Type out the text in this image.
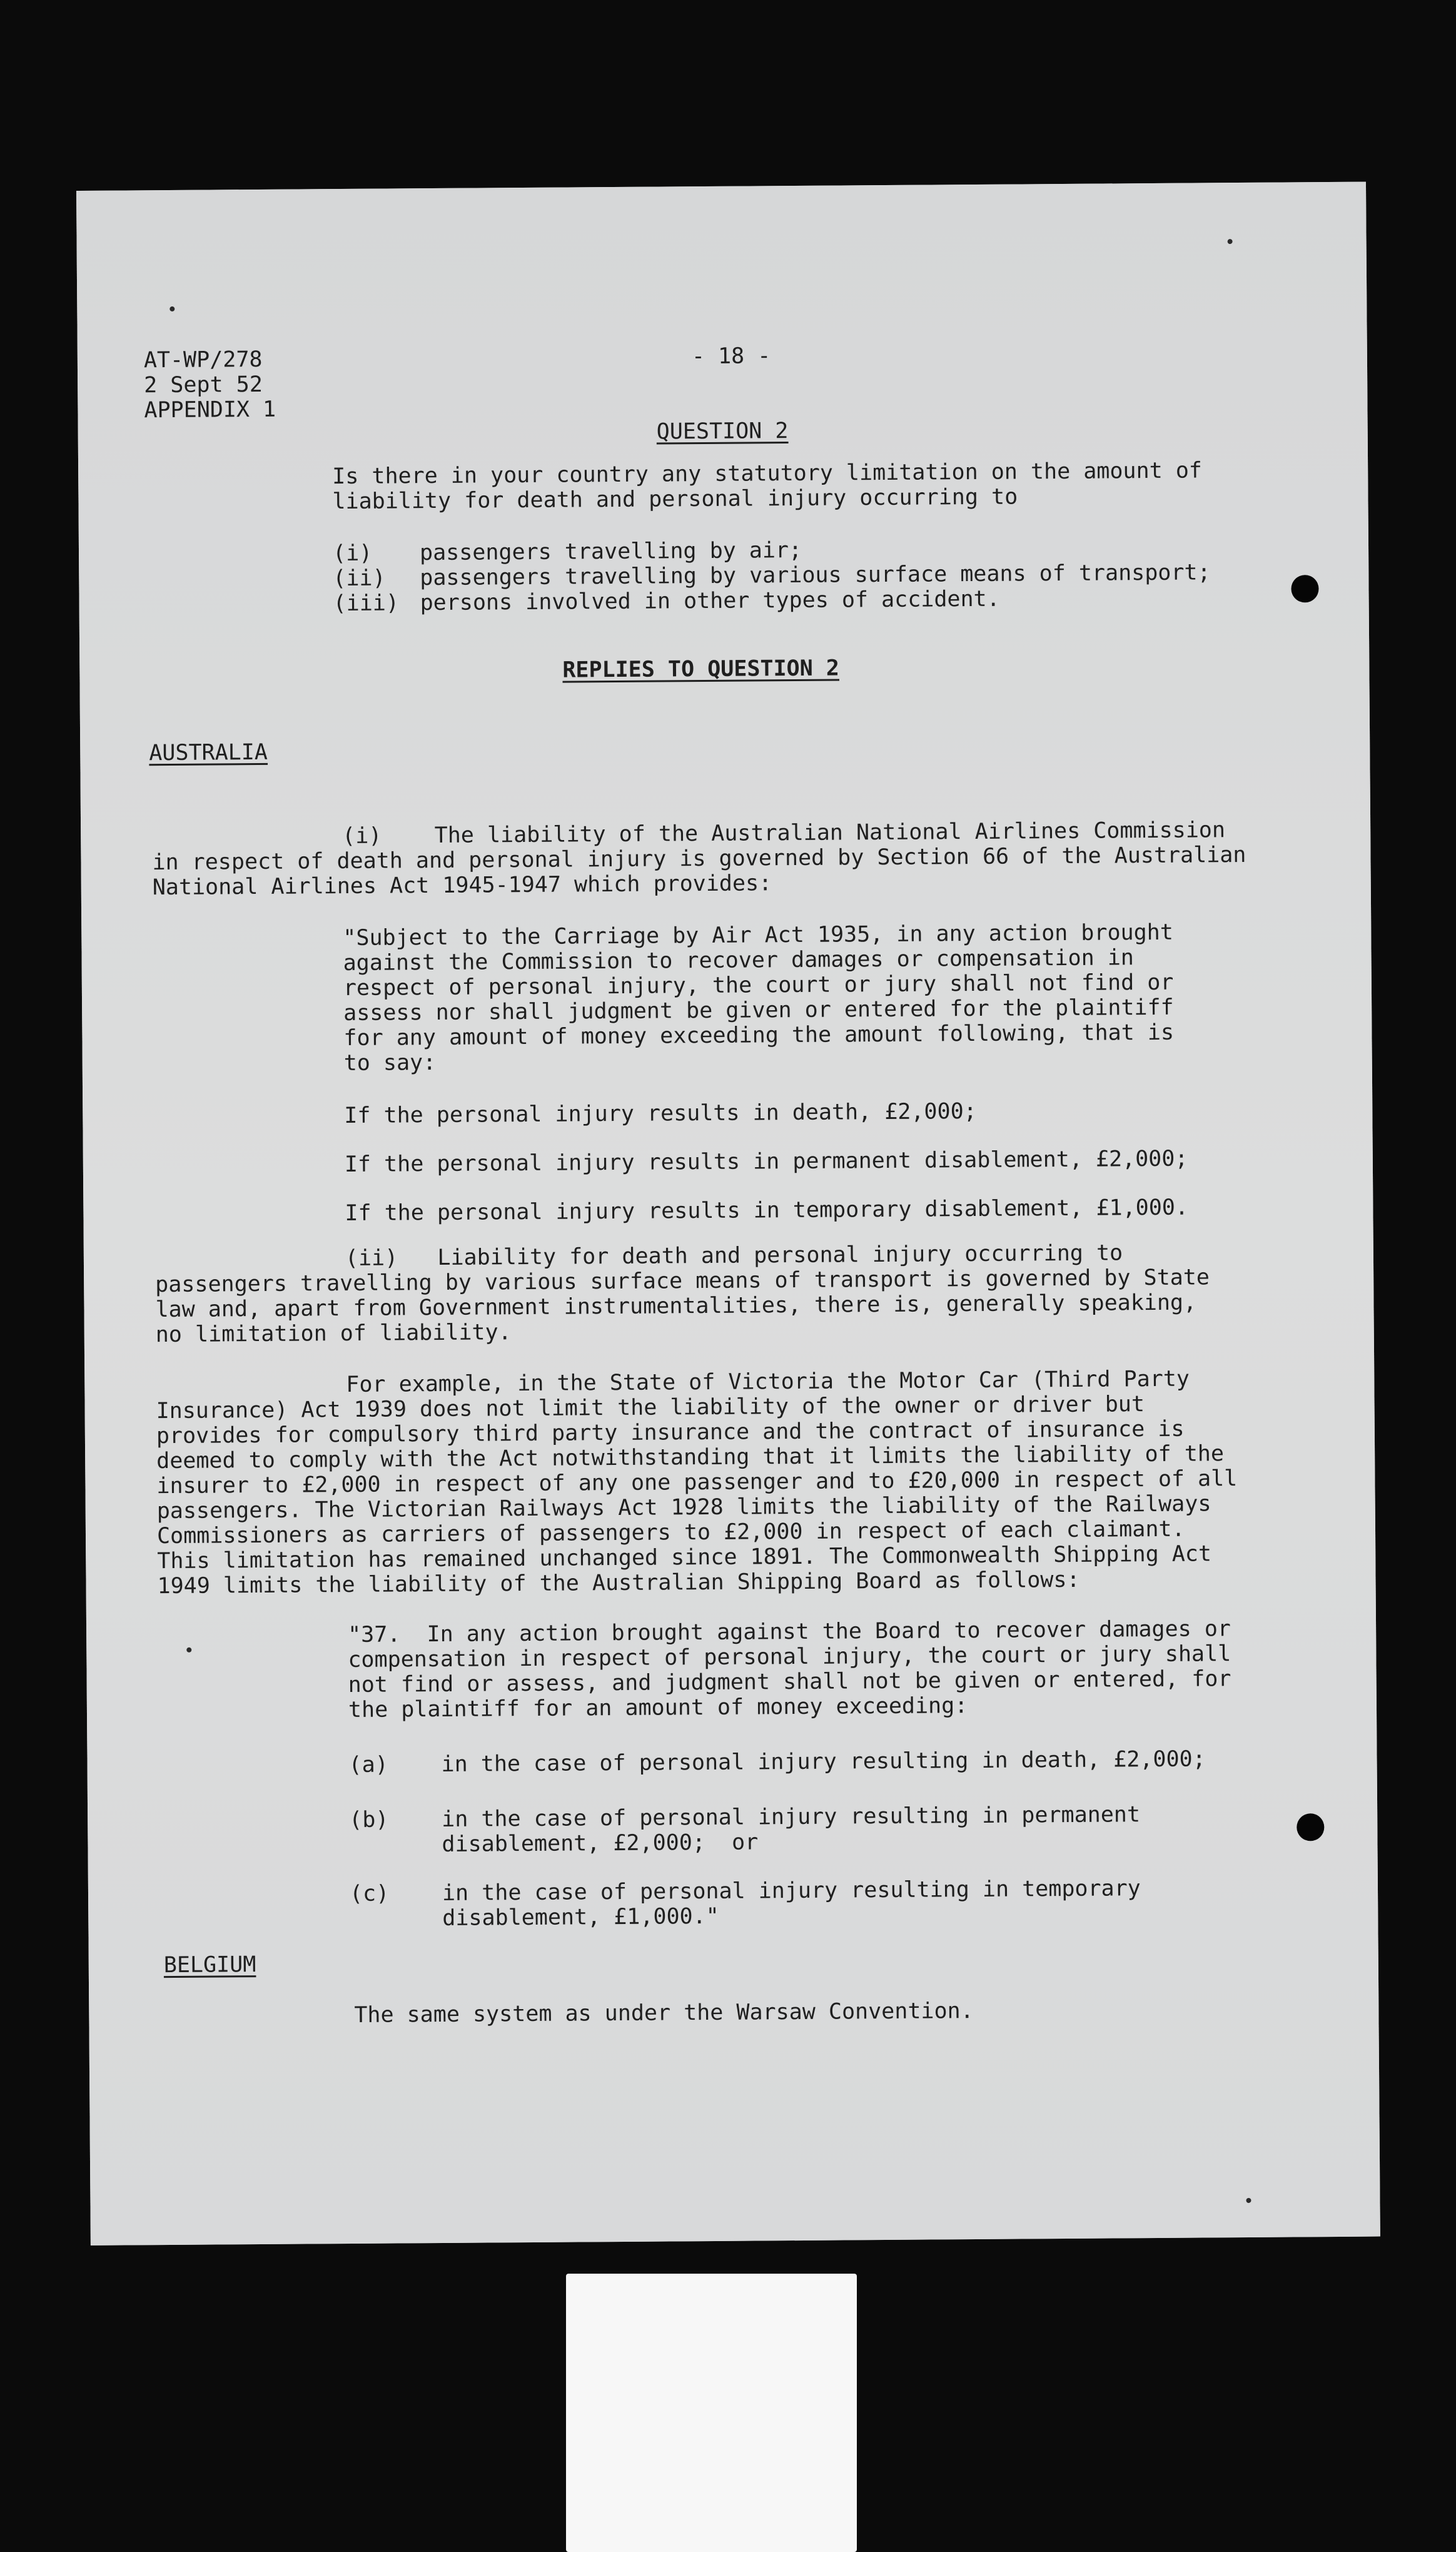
AT-WP/278

2 Sept 52

APPENDIX 1

- 18 -

QUESTION 2

Is there in your country any statutory limitation on the amount of

liability for death and personal injury occurring to

(i) passengers travelling by air;

(ii) passengers travelling by various surface means of transport;

(iii) persons involved in other types of accident.

REPLIES TO QUESTION 2

AUSTRALIA

(i)    The liability of the Australian National Airlines Commission

in respect of death and personal injury is governed by Section 66 of the Australian

National Airlines Act 1945-1947 which provides:

"Subject to the Carriage by Air Act 1935, in any action brought

against the Commission to recover damages or compensation in

respect of personal injury, the court or jury shall not find or

assess nor shall judgment be given or entered for the plaintiff

for any amount of money exceeding the amount following, that is

to say:

If the personal injury results in death, £2,000;

If the personal injury results in permanent disablement, £2,000;

If the personal injury results in temporary disablement, £1,000.

(ii)   Liability for death and personal injury occurring to

passengers travelling by various surface means of transport is governed by State

law and, apart from Government instrumentalities, there is, generally speaking,

no limitation of liability.

For example, in the State of Victoria the Motor Car (Third Party

Insurance) Act 1939 does not limit the liability of the owner or driver but

provides for compulsory third party insurance and the contract of insurance is

deemed to comply with the Act notwithstanding that it limits the liability of the

insurer to £2,000 in respect of any one passenger and to £20,000 in respect of all

passengers. The Victorian Railways Act 1928 limits the liability of the Railways

Commissioners as carriers of passengers to £2,000 in respect of each claimant.

This limitation has remained unchanged since 1891. The Commonwealth Shipping Act

1949 limits the liability of the Australian Shipping Board as follows:

"37.  In any action brought against the Board to recover damages or

compensation in respect of personal injury, the court or jury shall

not find or assess, and judgment shall not be given or entered, for

the plaintiff for an amount of money exceeding:

(a) in the case of personal injury resulting in death, £2,000;

(b) in the case of personal injury resulting in permanent

disablement, £2,000;  or

(c) in the case of personal injury resulting in temporary

disablement, £1,000."

BELGIUM

The same system as under the Warsaw Convention.
